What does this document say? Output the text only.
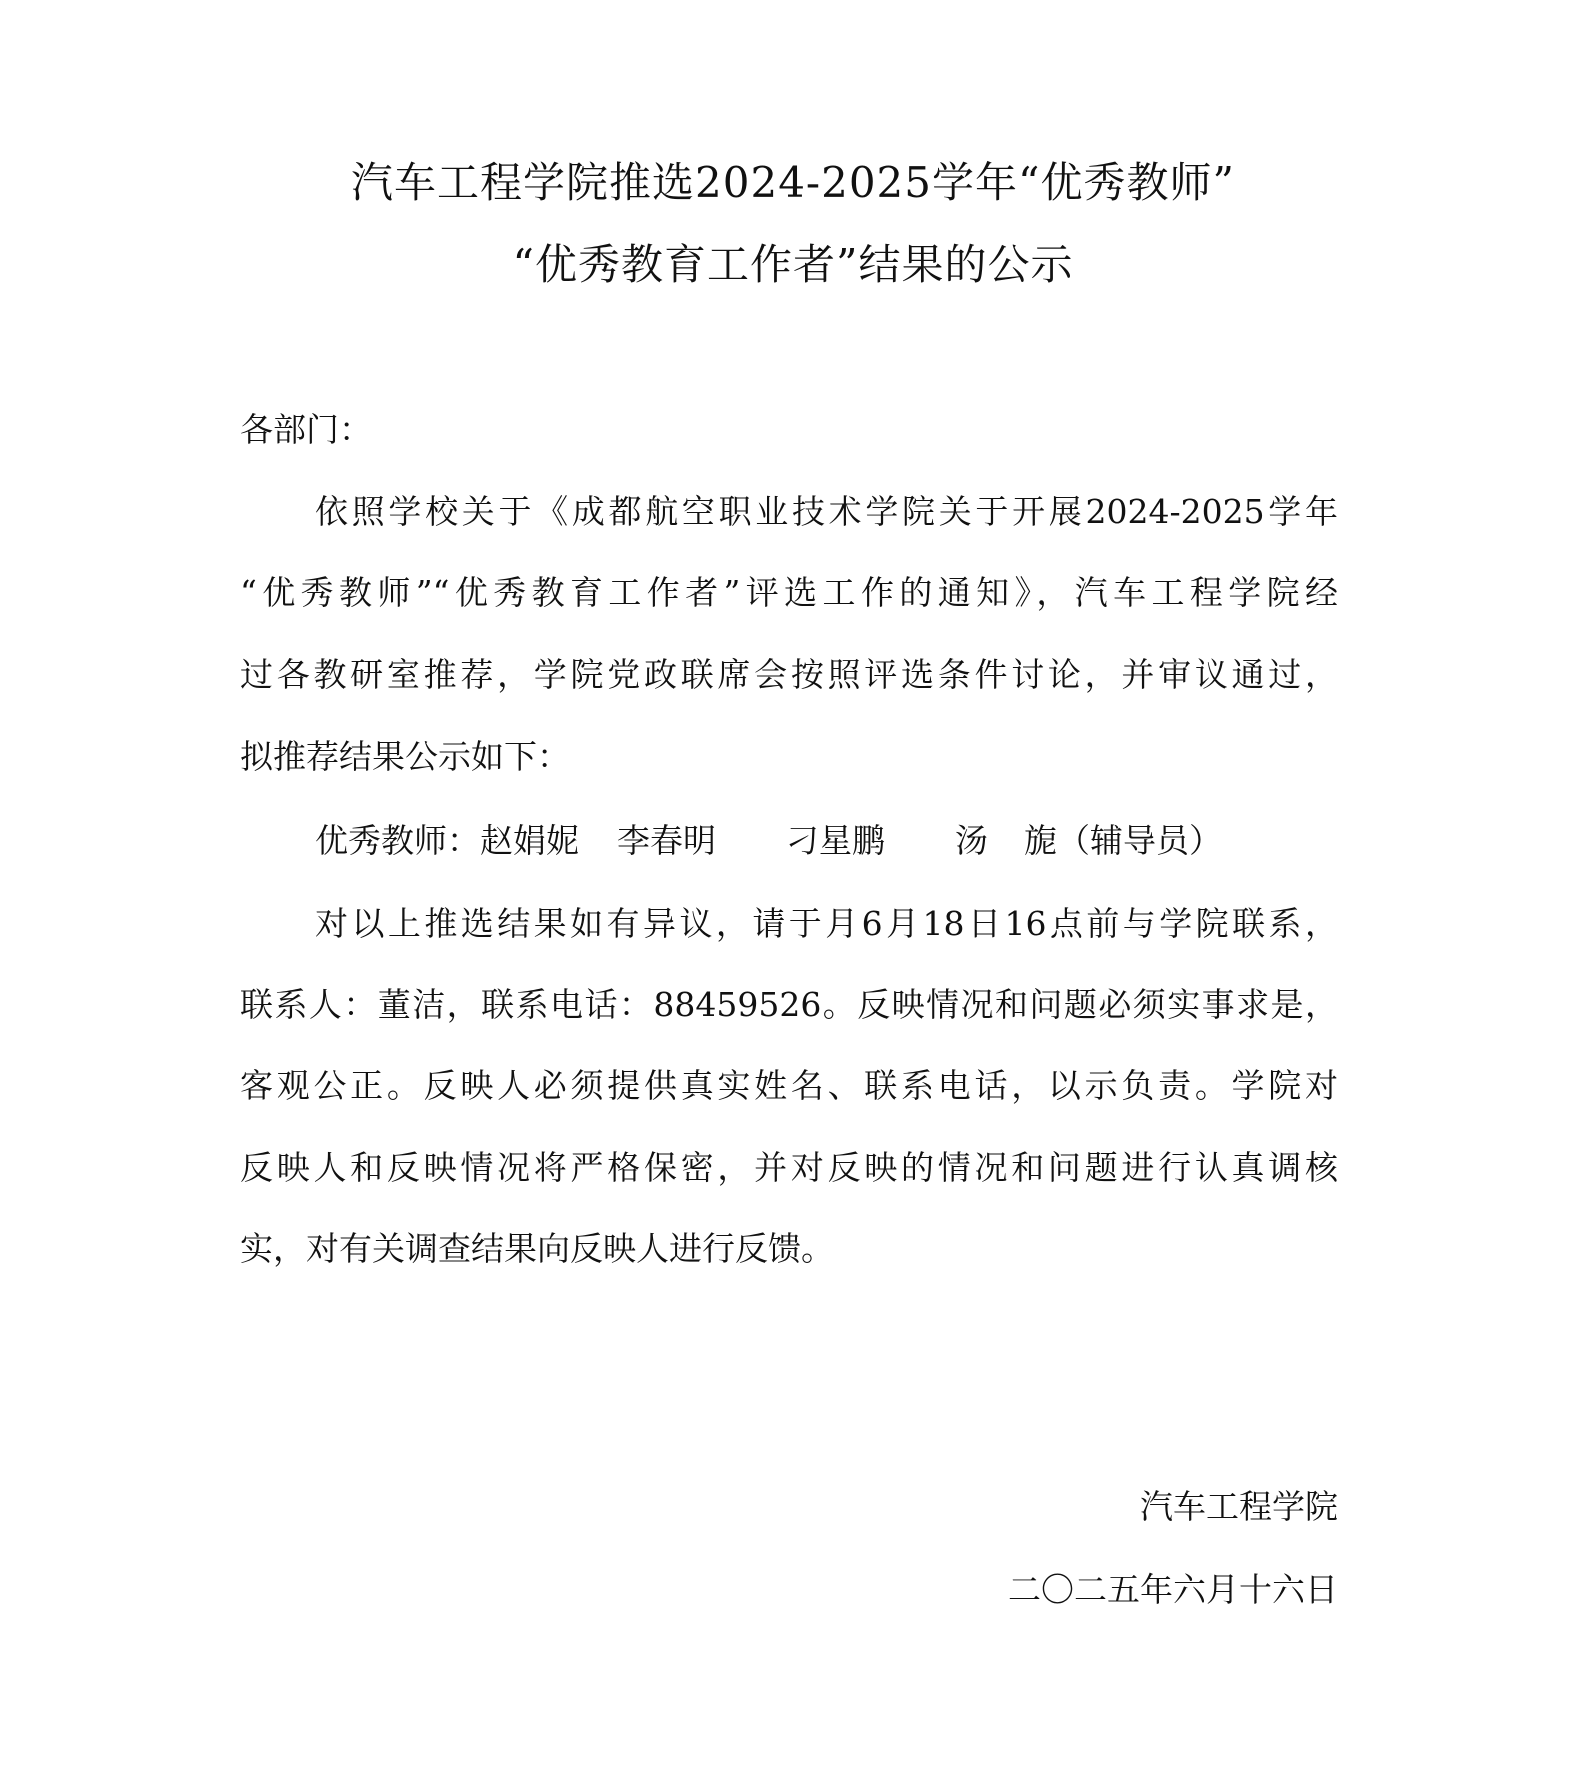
汽车工程学院推选2024-2025学年“优秀教师”
“优秀教育工作者”结果的公示

各部门：

依照学校关于《成都航空职业技术学院关于开展2024-2025学年

“优秀教师”“优秀教育工作者”评选工作的通知》，汽车工程学院经

过各教研室推荐，学院党政联席会按照评选条件讨论，并审议通过，

拟推荐结果公示如下：

优秀教师：赵娟妮 李春明 刁星鹏 汤 旎（辅导员）

对以上推选结果如有异议，请于月6月18日16点前与学院联系，

联系人：董洁，联系电话：88459526。反映情况和问题必须实事求是，

客观公正。反映人必须提供真实姓名、联系电话，以示负责。学院对

反映人和反映情况将严格保密，并对反映的情况和问题进行认真调核

实，对有关调查结果向反映人进行反馈。

汽车工程学院
二〇二五年六月十六日
